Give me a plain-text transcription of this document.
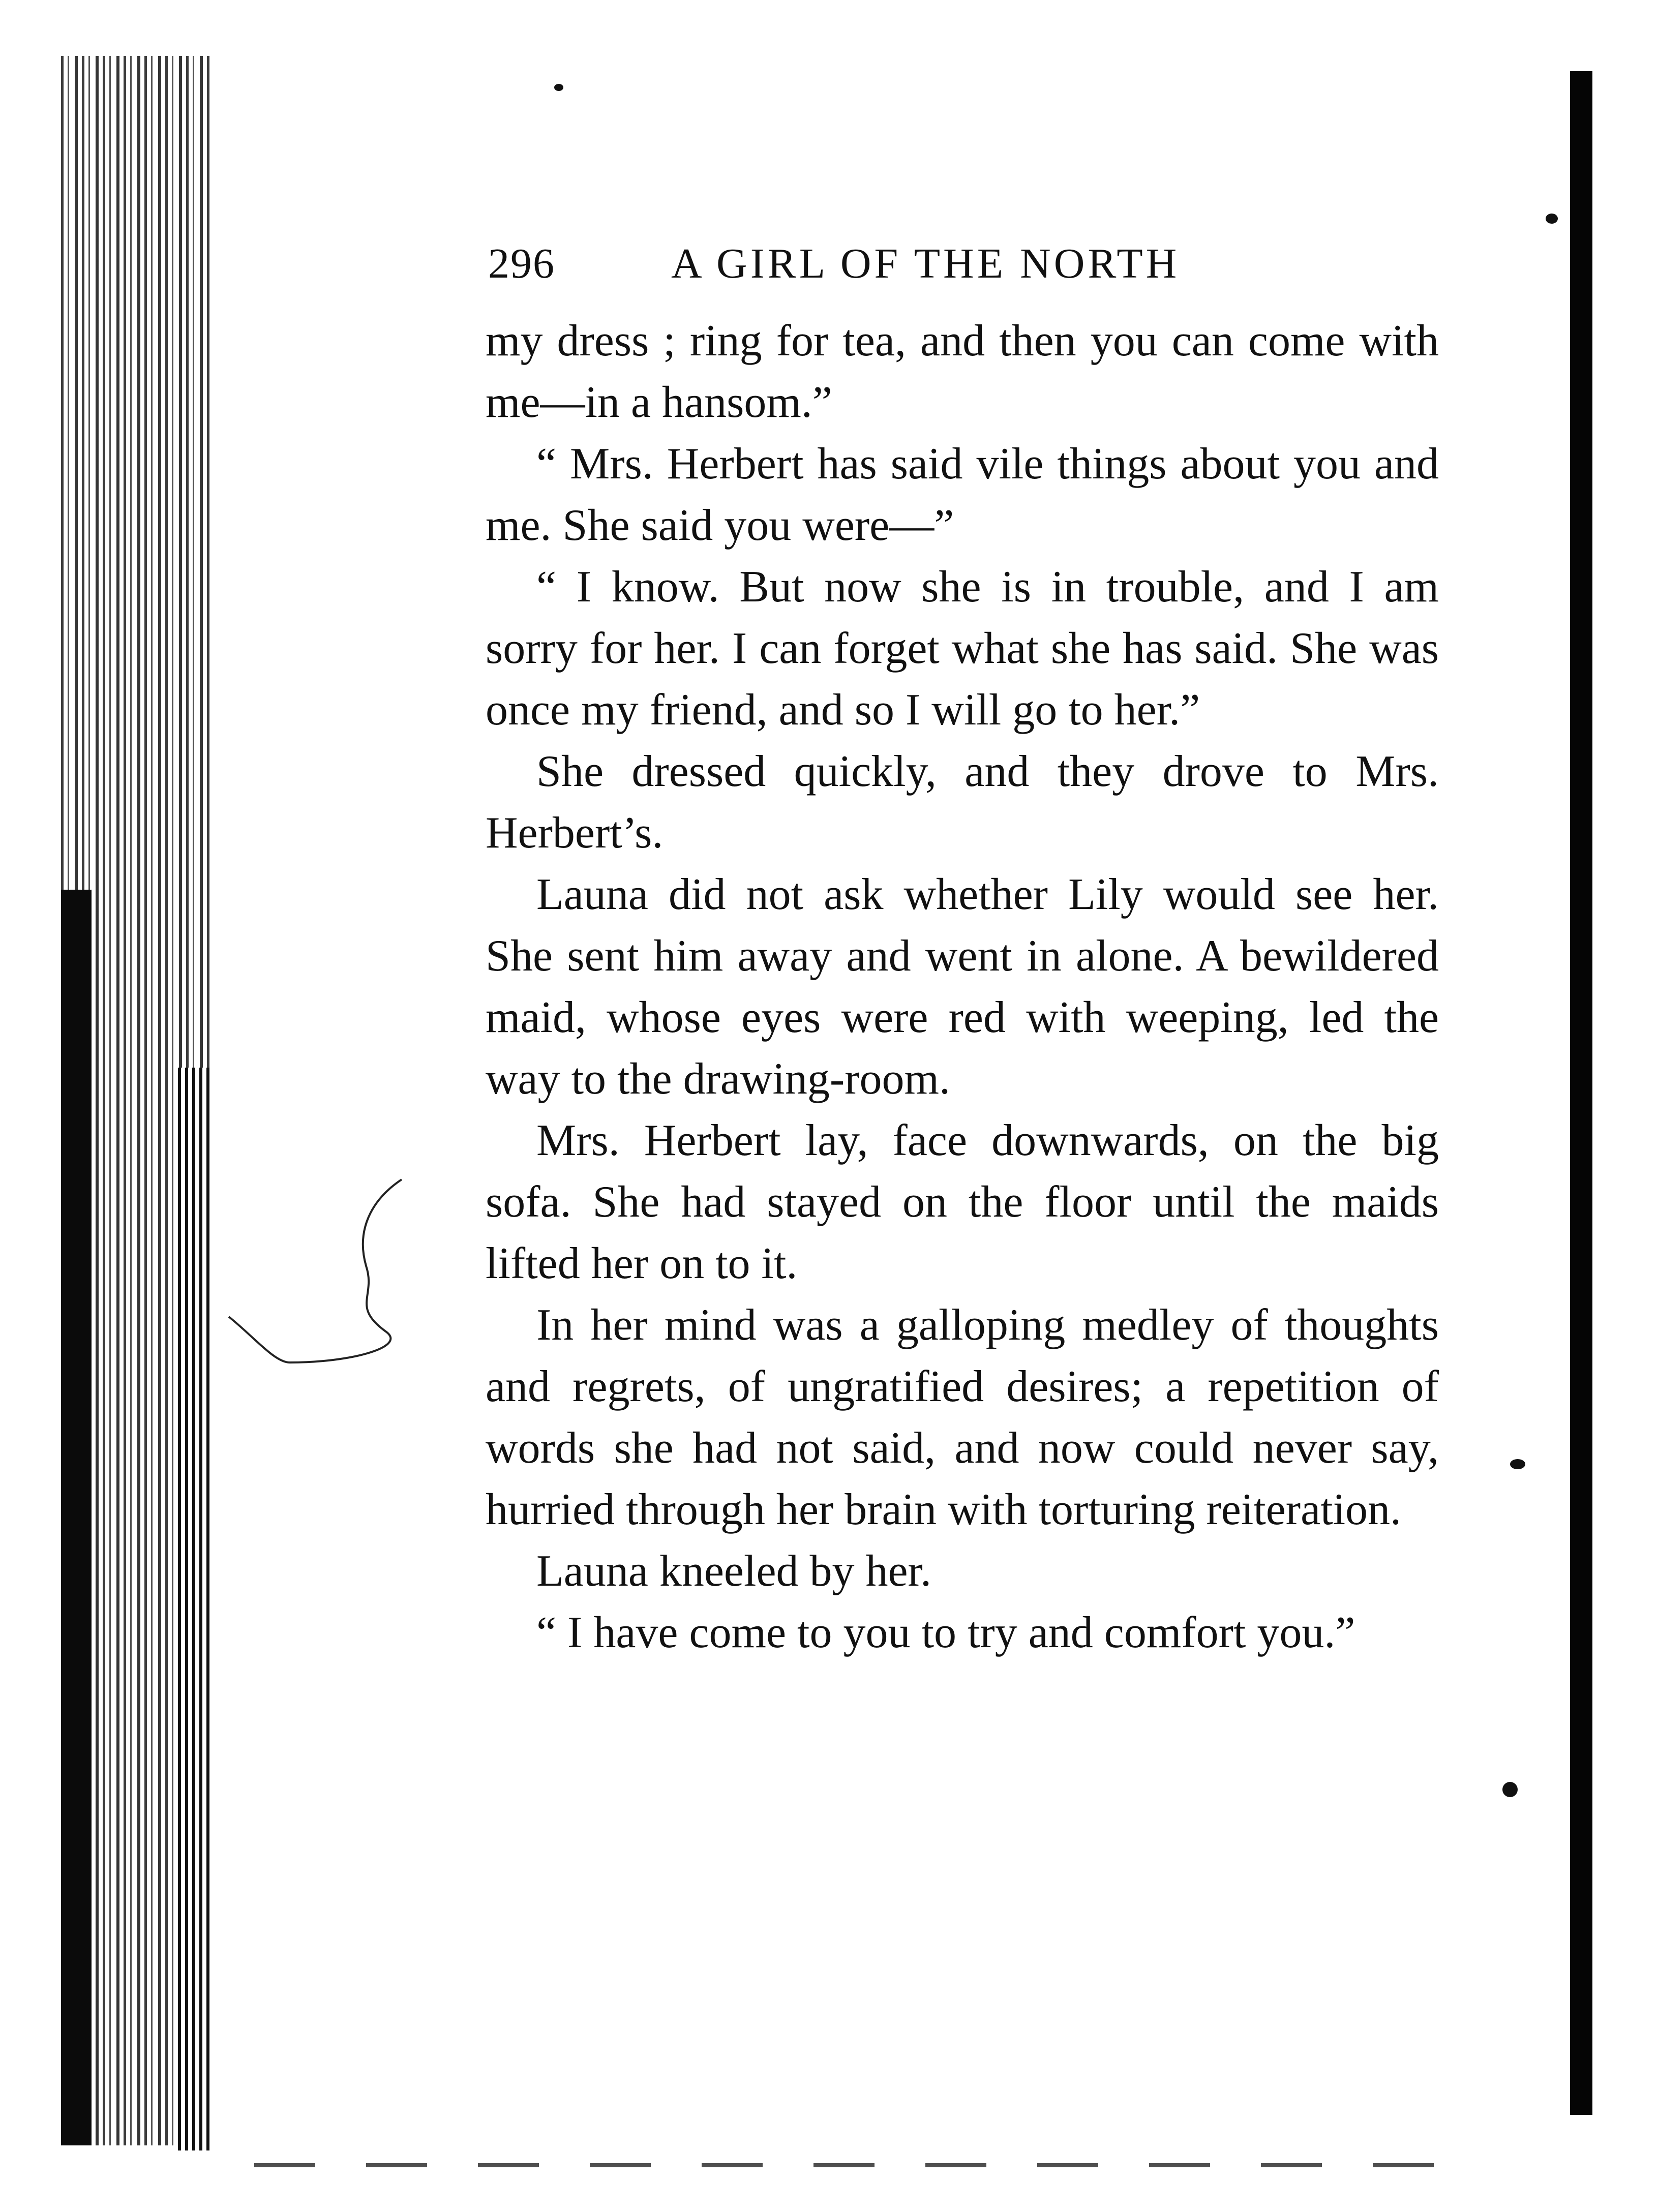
296	A GIRL OF THE NORTH

my dress ; ring for tea, and then you can come with me—in a hansom.”

“ Mrs. Herbert has said vile things about you and me. She said you were—”

“ I know. But now she is in trouble, and I am sorry for her. I can forget what she has said. She was once my friend, and so I will go to her.”

She dressed quickly, and they drove to Mrs. Herbert’s.

Launa did not ask whether Lily would see her. She sent him away and went in alone. A bewildered maid, whose eyes were red with weeping, led the way to the drawing-room.

Mrs. Herbert lay, face downwards, on the big sofa. She had stayed on the floor until the maids lifted her on to it.

In her mind was a galloping medley of thoughts and regrets, of ungratified desires; a repetition of words she had not said, and now could never say, hurried through her brain with torturing reiteration.

Launa kneeled by her.

“ I have come to you to try and comfort you.”
